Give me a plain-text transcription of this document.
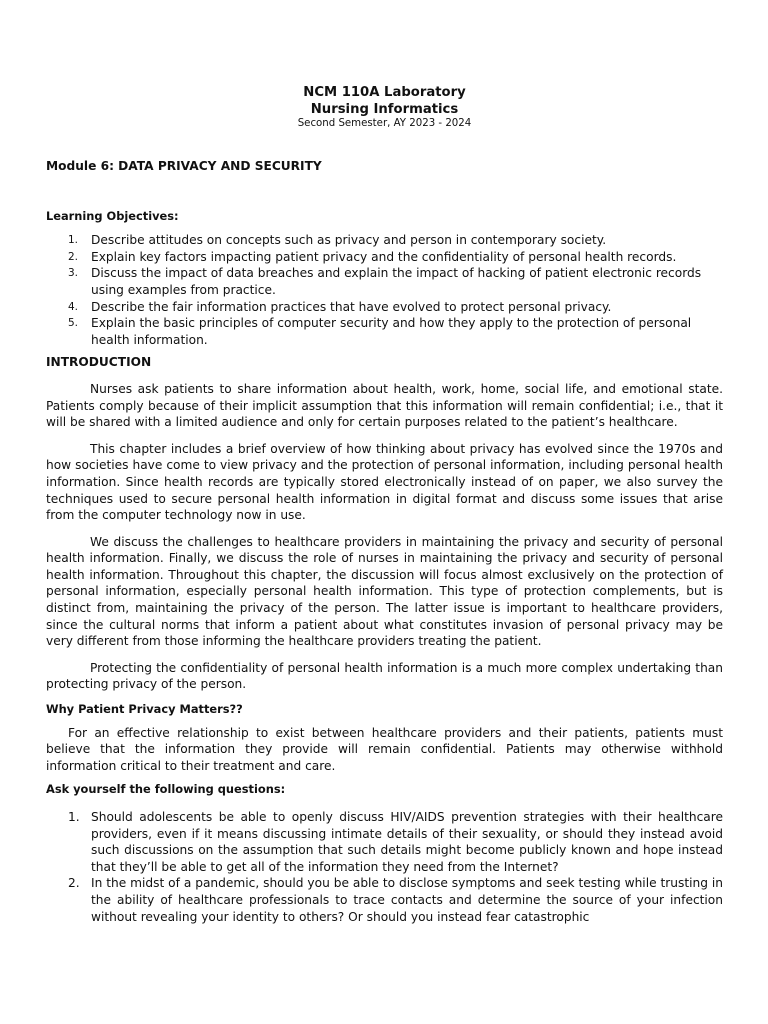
NCM 110A Laboratory
Nursing Informatics
Second Semester, AY 2023 - 2024
Module 6: DATA PRIVACY AND SECURITY
Learning Objectives:
1. Describe attitudes on concepts such as privacy and person in contemporary society.
2. Explain key factors impacting patient privacy and the confidentiality of personal health records.
3. Discuss the impact of data breaches and explain the impact of hacking of patient electronic records using examples from practice.
4. Describe the fair information practices that have evolved to protect personal privacy.
5. Explain the basic principles of computer security and how they apply to the protection of personal health information.
INTRODUCTION

Nurses ask patients to share information about health, work, home, social life, and emotional state. Patients comply because of their implicit assumption that this information will remain confidential; i.e., that it will be shared with a limited audience and only for certain purposes related to the patient’s healthcare.

This chapter includes a brief overview of how thinking about privacy has evolved since the 1970s and how societies have come to view privacy and the protection of personal information, including personal health information. Since health records are typically stored electronically instead of on paper, we also survey the techniques used to secure personal health information in digital format and discuss some issues that arise from the computer technology now in use.

We discuss the challenges to healthcare providers in maintaining the privacy and security of personal health information. Finally, we discuss the role of nurses in maintaining the privacy and security of personal health information. Throughout this chapter, the discussion will focus almost exclusively on the protection of personal information, especially personal health information. This type of protection complements, but is distinct from, maintaining the privacy of the person. The latter issue is important to healthcare providers, since the cultural norms that inform a patient about what constitutes invasion of personal privacy may be very different from those informing the healthcare providers treating the patient.

Protecting the confidentiality of personal health information is a much more complex undertaking than protecting privacy of the person.

Why Patient Privacy Matters??

For an effective relationship to exist between healthcare providers and their patients, patients must believe that the information they provide will remain confidential. Patients may otherwise withhold information critical to their treatment and care.

Ask yourself the following questions:
1. Should adolescents be able to openly discuss HIV/AIDS prevention strategies with their healthcare providers, even if it means discussing intimate details of their sexuality, or should they instead avoid such discussions on the assumption that such details might become publicly known and hope instead that they’ll be able to get all of the information they need from the Internet?
2. In the midst of a pandemic, should you be able to disclose symptoms and seek testing while trusting in the ability of healthcare professionals to trace contacts and determine the source of your infection without revealing your identity to others? Or should you instead fear catastrophic
